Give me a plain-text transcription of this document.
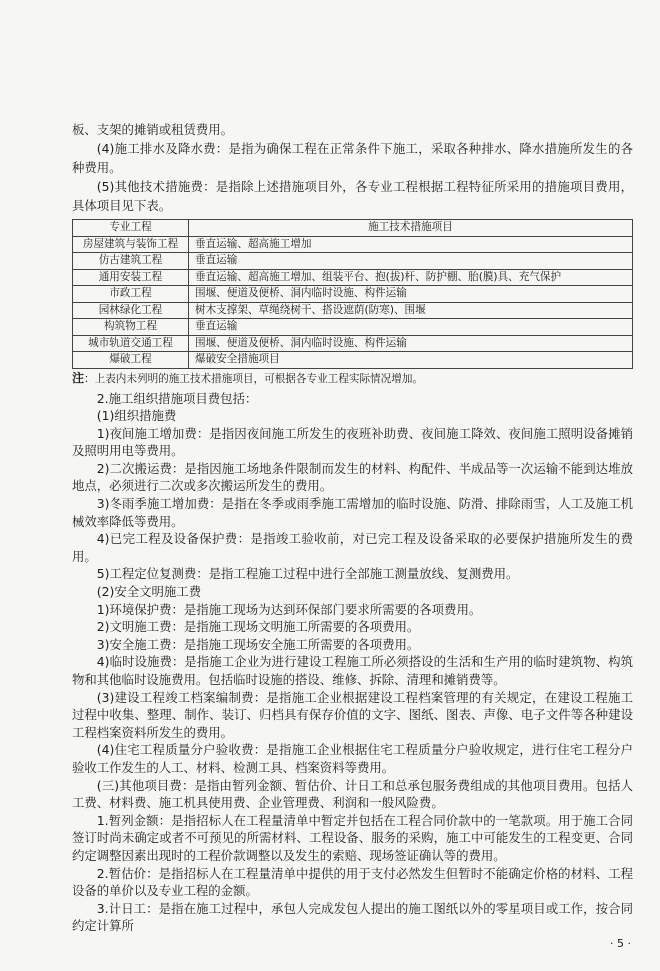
板、支架的摊销或租赁费用。

(4)施工排水及降水费：是指为确保工程在正常条件下施工，采取各种排水、降水措施所发生的各种费用。

(5)其他技术措施费：是指除上述措施项目外，各专业工程根据工程特征所采用的措施项目费用，具体项目见下表。

专业工程	施工技术措施项目
房屋建筑与装饰工程	垂直运输、超高施工增加
仿古建筑工程	垂直运输
通用安装工程	垂直运输、超高施工增加、组装平台、抱(拔)杆、防护棚、胎(膜)具、充气保护
市政工程	围堰、便道及便桥、洞内临时设施、构件运输
园林绿化工程	树木支撑架、草绳绕树干、搭设遮荫(防寒)、围堰
构筑物工程	垂直运输
城市轨道交通工程	围堰、便道及便桥、洞内临时设施、构件运输
爆破工程	爆破安全措施项目
注：上表内未列明的施工技术措施项目，可根据各专业工程实际情况增加。

2.施工组织措施项目费包括：

(1)组织措施费

1)夜间施工增加费：是指因夜间施工所发生的夜班补助费、夜间施工降效、夜间施工照明设备摊销及照明用电等费用。

2)二次搬运费：是指因施工场地条件限制而发生的材料、构配件、半成品等一次运输不能到达堆放地点，必须进行二次或多次搬运所发生的费用。

3)冬雨季施工增加费：是指在冬季或雨季施工需增加的临时设施、防滑、排除雨雪，人工及施工机械效率降低等费用。

4)已完工程及设备保护费：是指竣工验收前，对已完工程及设备采取的必要保护措施所发生的费用。

5)工程定位复测费：是指工程施工过程中进行全部施工测量放线、复测费用。

(2)安全文明施工费

1)环境保护费：是指施工现场为达到环保部门要求所需要的各项费用。

2)文明施工费：是指施工现场文明施工所需要的各项费用。

3)安全施工费：是指施工现场安全施工所需要的各项费用。

4)临时设施费：是指施工企业为进行建设工程施工所必须搭设的生活和生产用的临时建筑物、构筑物和其他临时设施费用。包括临时设施的搭设、维修、拆除、清理和摊销费等。

(3)建设工程竣工档案编制费：是指施工企业根据建设工程档案管理的有关规定，在建设工程施工过程中收集、整理、制作、装订、归档具有保存价值的文字、图纸、图表、声像、电子文件等各种建设工程档案资料所发生的费用。

(4)住宅工程质量分户验收费：是指施工企业根据住宅工程质量分户验收规定，进行住宅工程分户验收工作发生的人工、材料、检测工具、档案资料等费用。

(三)其他项目费：是指由暂列金额、暂估价、计日工和总承包服务费组成的其他项目费用。包括人工费、材料费、施工机具使用费、企业管理费、利润和一般风险费。

1.暂列金额：是指招标人在工程量清单中暂定并包括在工程合同价款中的一笔款项。用于施工合同签订时尚未确定或者不可预见的所需材料、工程设备、服务的采购，施工中可能发生的工程变更、合同约定调整因素出现时的工程价款调整以及发生的索赔、现场签证确认等的费用。

2.暂估价：是指招标人在工程量清单中提供的用于支付必然发生但暂时不能确定价格的材料、工程设备的单价以及专业工程的金额。

3.计日工：是指在施工过程中，承包人完成发包人提出的施工图纸以外的零星项目或工作，按合同约定计算所

· 5 ·
